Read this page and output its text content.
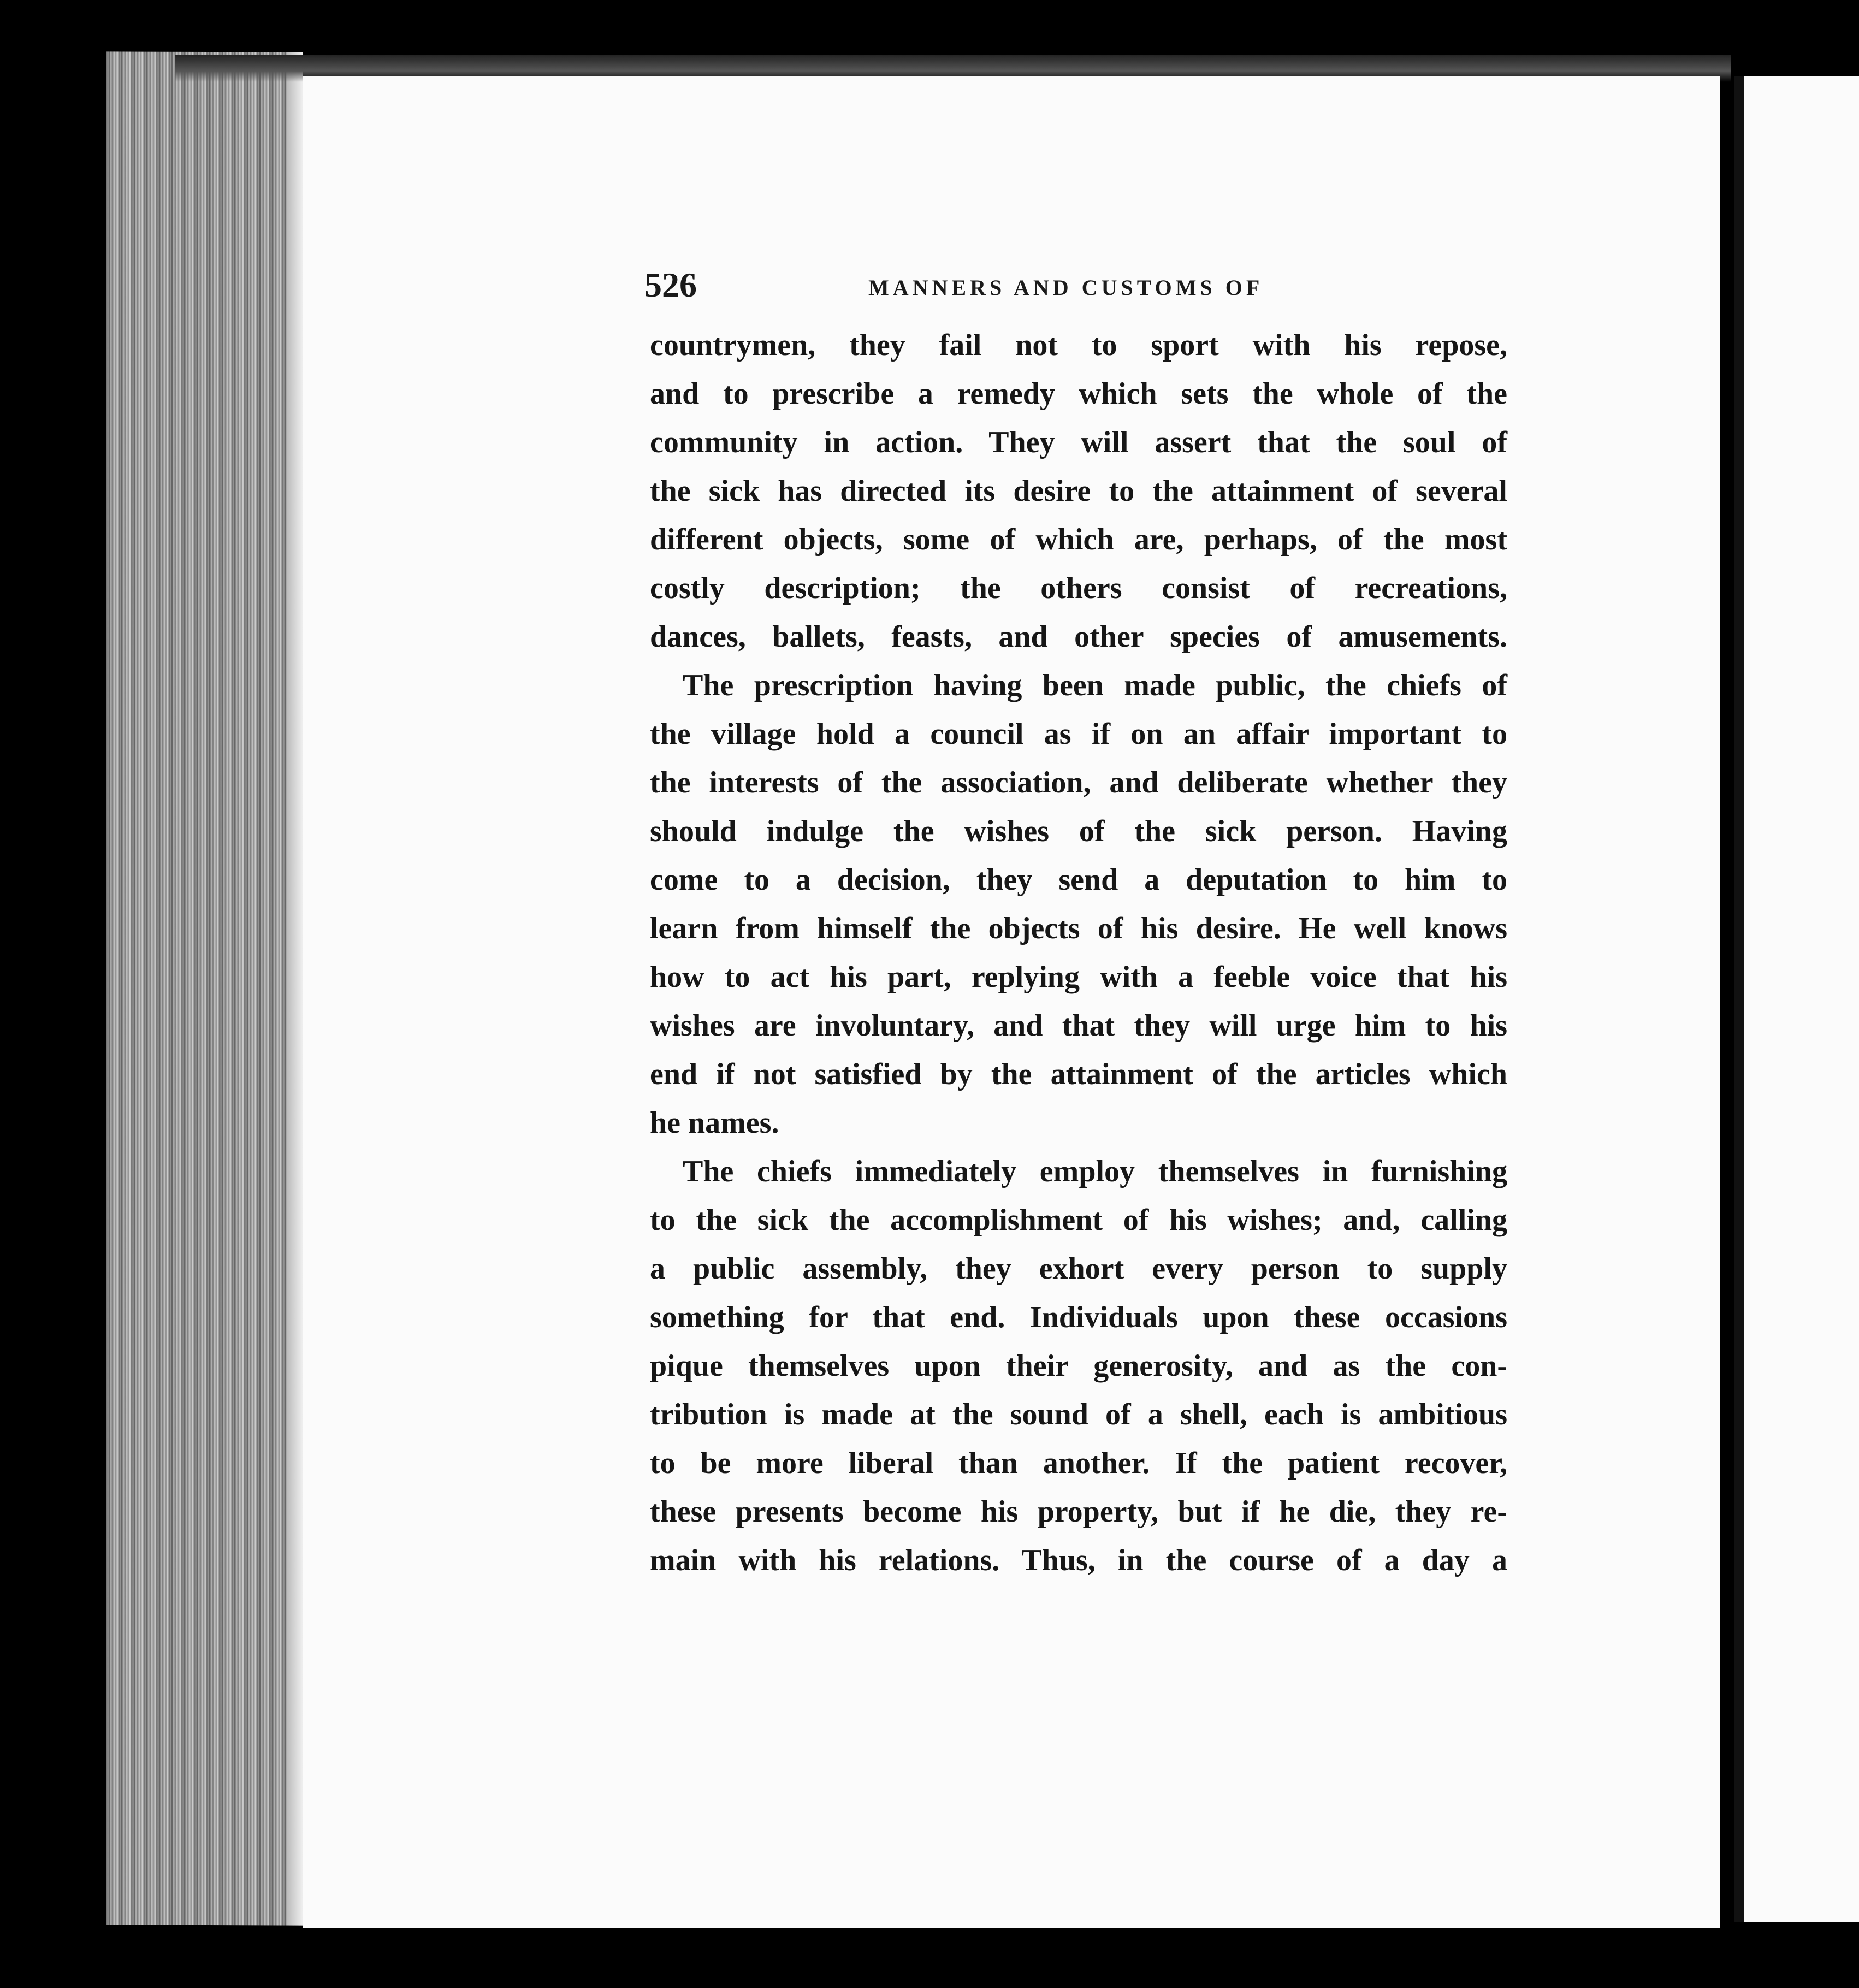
526	MANNERS AND CUSTOMS OF
countrymen, they fail not to sport with his repose,
and to prescribe a remedy which sets the whole of the
community in action. They will assert that the soul of
the sick has directed its desire to the attainment of several
different objects, some of which are, perhaps, of the most
costly description; the others consist of recreations,
dances, ballets, feasts, and other species of amusements.
The prescription having been made public, the chiefs of
the village hold a council as if on an affair important to
the interests of the association, and deliberate whether they
should indulge the wishes of the sick person. Having
come to a decision, they send a deputation to him to
learn from himself the objects of his desire. He well knows
how to act his part, replying with a feeble voice that his
wishes are involuntary, and that they will urge him to his
end if not satisfied by the attainment of the articles which
he names.
The chiefs immediately employ themselves in furnishing
to the sick the accomplishment of his wishes; and, calling
a public assembly, they exhort every person to supply
something for that end. Individuals upon these occasions
pique themselves upon their generosity, and as the con-
tribution is made at the sound of a shell, each is ambitious
to be more liberal than another. If the patient recover,
these presents become his property, but if he die, they re-
main with his relations. Thus, in the course of a day a
